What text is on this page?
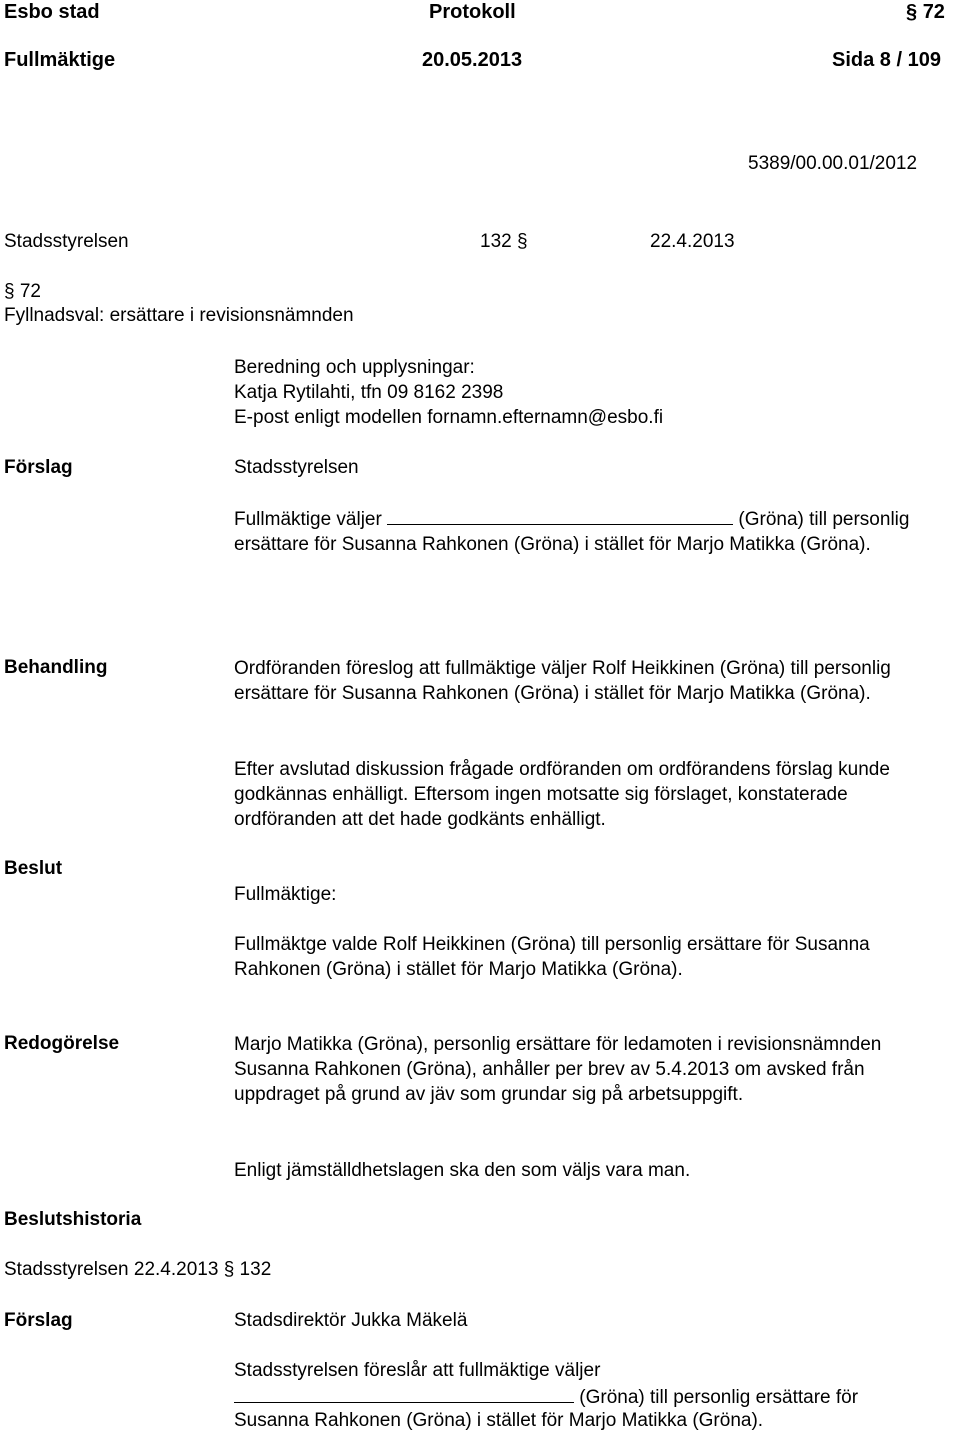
Esbo stad	Protokoll	§ 72
Fullmäktige	20.05.2013	Sida 8 / 109
5389/00.00.01/2012
Stadsstyrelsen	132 §	22.4.2013
§ 72
Fyllnadsval: ersättare i revisionsnämnden
Beredning och upplysningar:
Katja Rytilahti, tfn 09 8162 2398
E-post enligt modellen fornamn.efternamn@esbo.fi
Förslag	Stadsstyrelsen
Fullmäktige väljer	(Gröna) till personlig ersättare för Susanna Rahkonen (Gröna) i stället för Marjo Matikka (Gröna).
Behandling	Ordföranden föreslog att fullmäktige väljer Rolf Heikkinen (Gröna) till personlig ersättare för Susanna Rahkonen (Gröna) i stället för Marjo Matikka (Gröna).
Efter avslutad diskussion frågade ordföranden om ordförandens förslag kunde godkännas enhälligt. Eftersom ingen motsatte sig förslaget, konstaterade ordföranden att det hade godkänts enhälligt.
Beslut
Fullmäktige:
Fullmäktge valde Rolf Heikkinen (Gröna) till personlig ersättare för Susanna Rahkonen (Gröna) i stället för Marjo Matikka (Gröna).
Redogörelse	Marjo Matikka (Gröna), personlig ersättare för ledamoten i revisionsnämnden Susanna Rahkonen (Gröna), anhåller per brev av 5.4.2013 om avsked från uppdraget på grund av jäv som grundar sig på arbetsuppgift.
Enligt jämställdhetslagen ska den som väljs vara man.
Beslutshistoria
Stadsstyrelsen 22.4.2013 § 132
Förslag	Stadsdirektör Jukka Mäkelä
Stadsstyrelsen föreslår att fullmäktige väljer
(Gröna) till personlig ersättare för
Susanna Rahkonen (Gröna) i stället för Marjo Matikka (Gröna).
